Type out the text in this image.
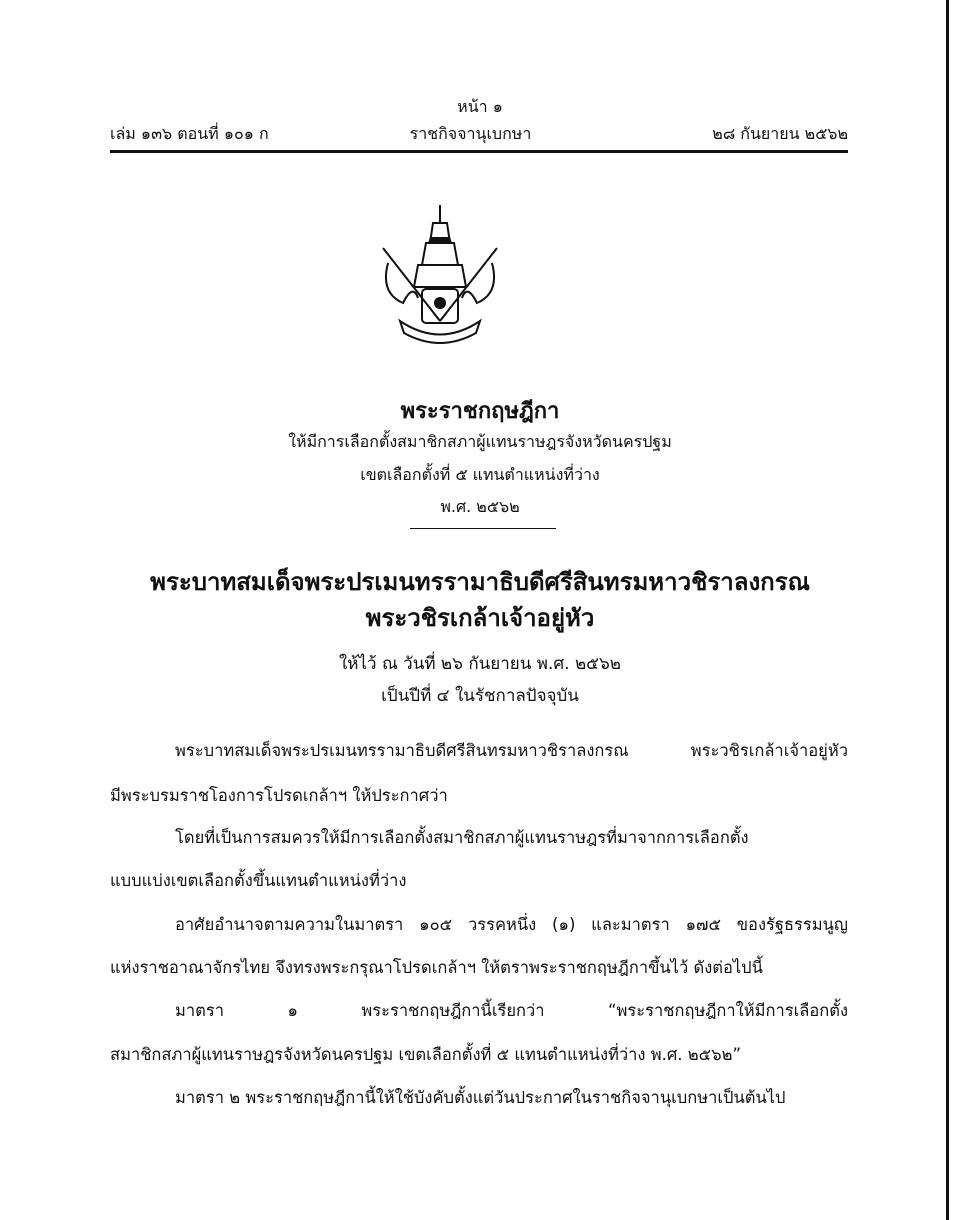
หน้า ๑
เล่ม ๑๓๖ ตอนที่ ๑๐๑ ก	ราชกิจจานุเบกษา	๒๘ กันยายน ๒๕๖๒
พระราชกฤษฎีกา
ให้มีการเลือกตั้งสมาชิกสภาผู้แทนราษฎรจังหวัดนครปฐม
เขตเลือกตั้งที่ ๕ แทนตำแหน่งที่ว่าง
พ.ศ. ๒๕๖๒
พระบาทสมเด็จพระปรเมนทรรามาธิบดีศรีสินทรมหาวชิราลงกรณ
พระวชิรเกล้าเจ้าอยู่หัว
ให้ไว้ ณ วันที่ ๒๖ กันยายน พ.ศ. ๒๕๖๒
เป็นปีที่ ๔ ในรัชกาลปัจจุบัน
พระบาทสมเด็จพระปรเมนทรรามาธิบดีศรีสินทรมหาวชิราลงกรณ พระวชิรเกล้าเจ้าอยู่หัว
มีพระบรมราชโองการโปรดเกล้าฯ ให้ประกาศว่า
โดยที่เป็นการสมควรให้มีการเลือกตั้งสมาชิกสภาผู้แทนราษฎรที่มาจากการเลือกตั้ง
แบบแบ่งเขตเลือกตั้งขึ้นแทนตำแหน่งที่ว่าง
อาศัยอำนาจตามความในมาตรา ๑๐๕ วรรคหนึ่ง (๑) และมาตรา ๑๗๕ ของรัฐธรรมนูญ
แห่งราชอาณาจักรไทย จึงทรงพระกรุณาโปรดเกล้าฯ ให้ตราพระราชกฤษฎีกาขึ้นไว้ ดังต่อไปนี้
มาตรา ๑ พระราชกฤษฎีกานี้เรียกว่า “พระราชกฤษฎีกาให้มีการเลือกตั้ง
สมาชิกสภาผู้แทนราษฎรจังหวัดนครปฐม เขตเลือกตั้งที่ ๕ แทนตำแหน่งที่ว่าง พ.ศ. ๒๕๖๒”
มาตรา ๒ พระราชกฤษฎีกานี้ให้ใช้บังคับตั้งแต่วันประกาศในราชกิจจานุเบกษาเป็นต้นไป
